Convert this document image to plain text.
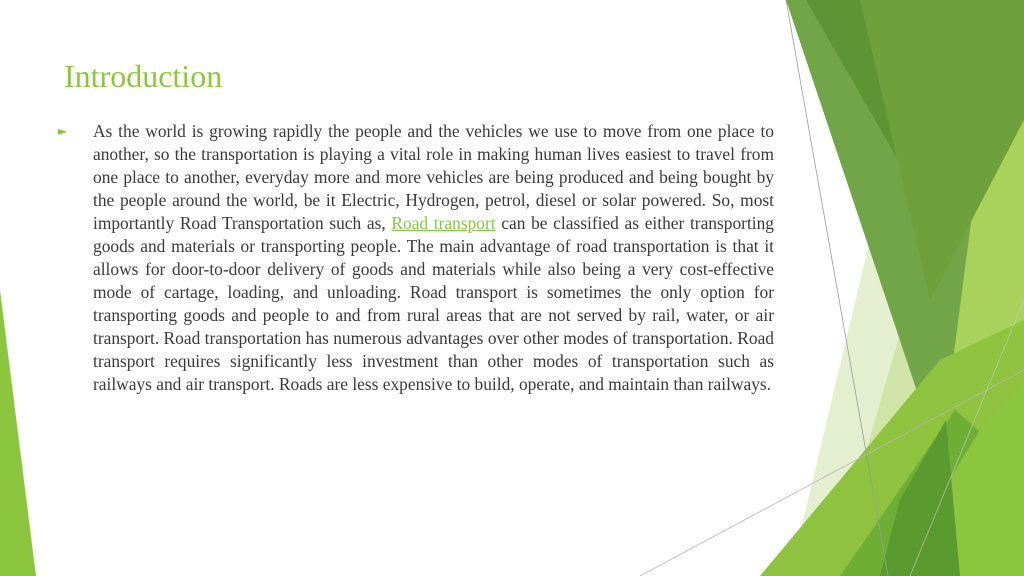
Introduction
► As the world is growing rapidly the people and the vehicles we use to move from one place to another, so the transportation is playing a vital role in making human lives easiest to travel from one place to another, everyday more and more vehicles are being produced and being bought by the people around the world, be it Electric, Hydrogen, petrol, diesel or solar powered. So, most importantly Road Transportation such as, Road transport can be classified as either transporting goods and materials or transporting people. The main advantage of road transportation is that it allows for door-to-door delivery of goods and materials while also being a very cost-effective mode of cartage, loading, and unloading. Road transport is sometimes the only option for transporting goods and people to and from rural areas that are not served by rail, water, or air transport. Road transportation has numerous advantages over other modes of transportation. Road transport requires significantly less investment than other modes of transportation such as railways and air transport. Roads are less expensive to build, operate, and maintain than railways.
